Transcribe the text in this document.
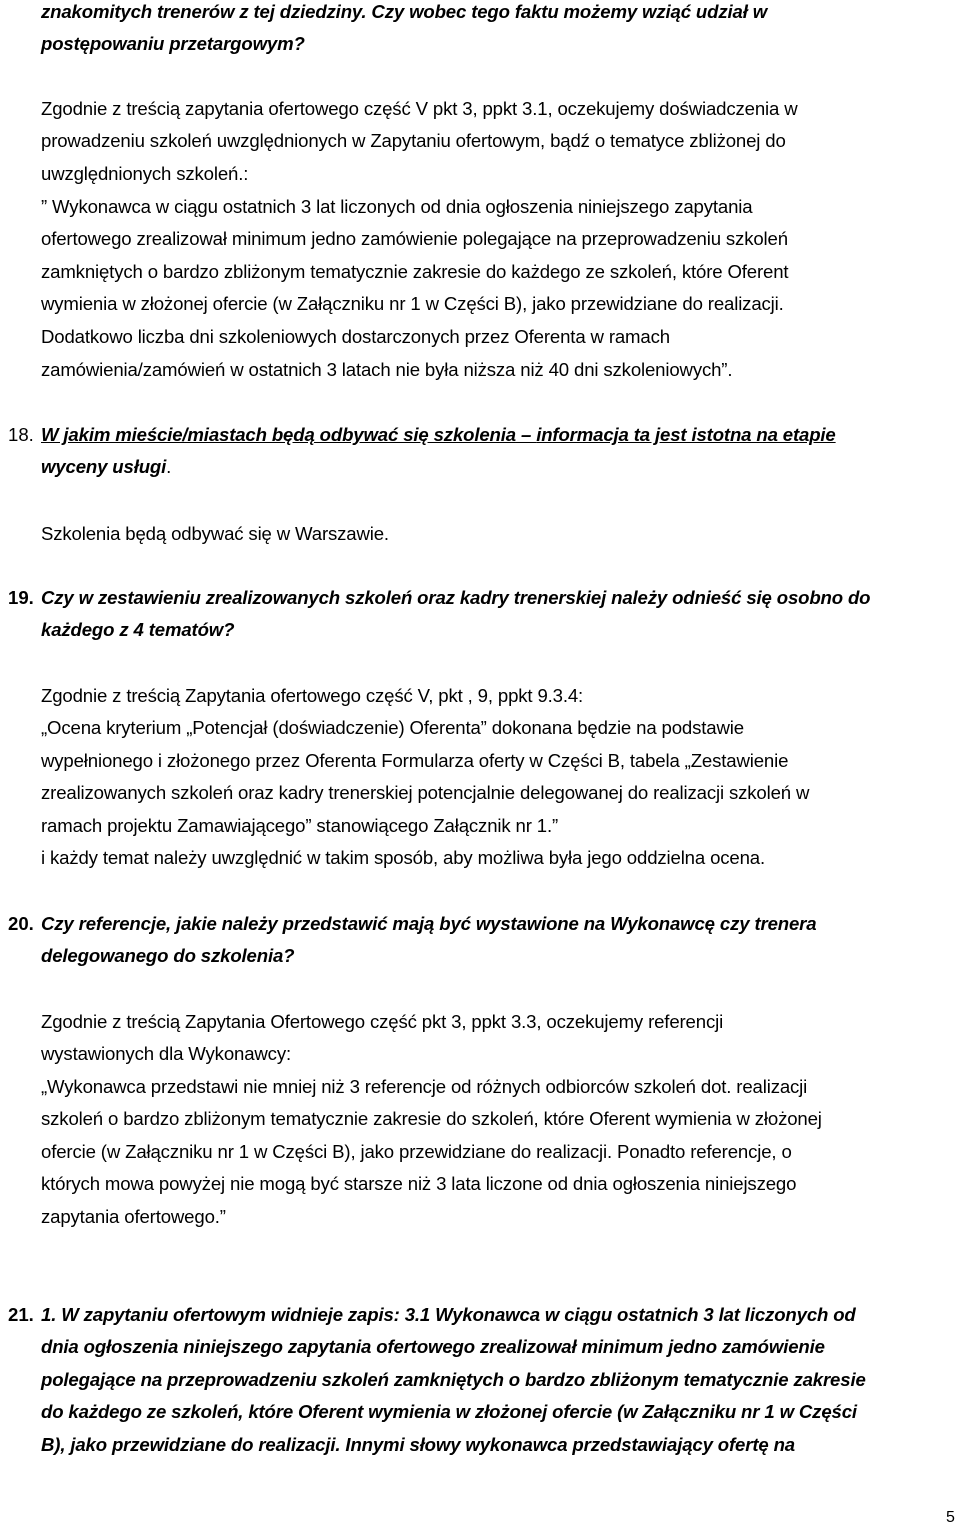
znakomitych trenerów z tej dziedziny. Czy wobec tego faktu możemy wziąć udział w
postępowaniu przetargowym?
Zgodnie z treścią zapytania ofertowego część V pkt 3, ppkt 3.1, oczekujemy doświadczenia w
prowadzeniu szkoleń uwzględnionych w Zapytaniu ofertowym, bądź o tematyce zbliżonej do
uwzględnionych szkoleń.:
” Wykonawca w ciągu ostatnich 3 lat liczonych od dnia ogłoszenia niniejszego zapytania
ofertowego zrealizował minimum jedno zamówienie polegające na przeprowadzeniu szkoleń
zamkniętych o bardzo zbliżonym tematycznie zakresie do każdego ze szkoleń, które Oferent
wymienia w złożonej ofercie (w Załączniku nr 1 w Części B), jako przewidziane do realizacji.
Dodatkowo liczba dni szkoleniowych dostarczonych przez Oferenta w ramach
zamówienia/zamówień w ostatnich 3 latach nie była niższa niż 40 dni szkoleniowych”.
18. W jakim mieście/miastach będą odbywać się szkolenia – informacja ta jest istotna na etapie
wyceny usługi.
Szkolenia będą odbywać się w Warszawie.
19. Czy w zestawieniu zrealizowanych szkoleń oraz kadry trenerskiej należy odnieść się osobno do
każdego z 4 tematów?
Zgodnie z treścią Zapytania ofertowego część V, pkt , 9, ppkt 9.3.4:
„Ocena kryterium „Potencjał (doświadczenie) Oferenta” dokonana będzie na podstawie
wypełnionego i złożonego przez Oferenta Formularza oferty w Części B, tabela „Zestawienie
zrealizowanych szkoleń oraz kadry trenerskiej potencjalnie delegowanej do realizacji szkoleń w
ramach projektu Zamawiającego” stanowiącego Załącznik nr 1.”
i każdy temat należy uwzględnić w takim sposób, aby możliwa była jego oddzielna ocena.
20. Czy referencje, jakie należy przedstawić mają być wystawione na Wykonawcę czy trenera
delegowanego do szkolenia?
Zgodnie z treścią Zapytania Ofertowego część pkt 3, ppkt 3.3, oczekujemy referencji
wystawionych dla Wykonawcy:
„Wykonawca przedstawi nie mniej niż 3 referencje od różnych odbiorców szkoleń dot. realizacji
szkoleń o bardzo zbliżonym tematycznie zakresie do szkoleń, które Oferent wymienia w złożonej
ofercie (w Załączniku nr 1 w Części B), jako przewidziane do realizacji. Ponadto referencje, o
których mowa powyżej nie mogą być starsze niż 3 lata liczone od dnia ogłoszenia niniejszego
zapytania ofertowego.”
21. 1. W zapytaniu ofertowym widnieje zapis: 3.1 Wykonawca w ciągu ostatnich 3 lat liczonych od
dnia ogłoszenia niniejszego zapytania ofertowego zrealizował minimum jedno zamówienie
polegające na przeprowadzeniu szkoleń zamkniętych o bardzo zbliżonym tematycznie zakresie
do każdego ze szkoleń, które Oferent wymienia w złożonej ofercie (w Załączniku nr 1 w Części
B), jako przewidziane do realizacji. Innymi słowy wykonawca przedstawiający ofertę na
5
